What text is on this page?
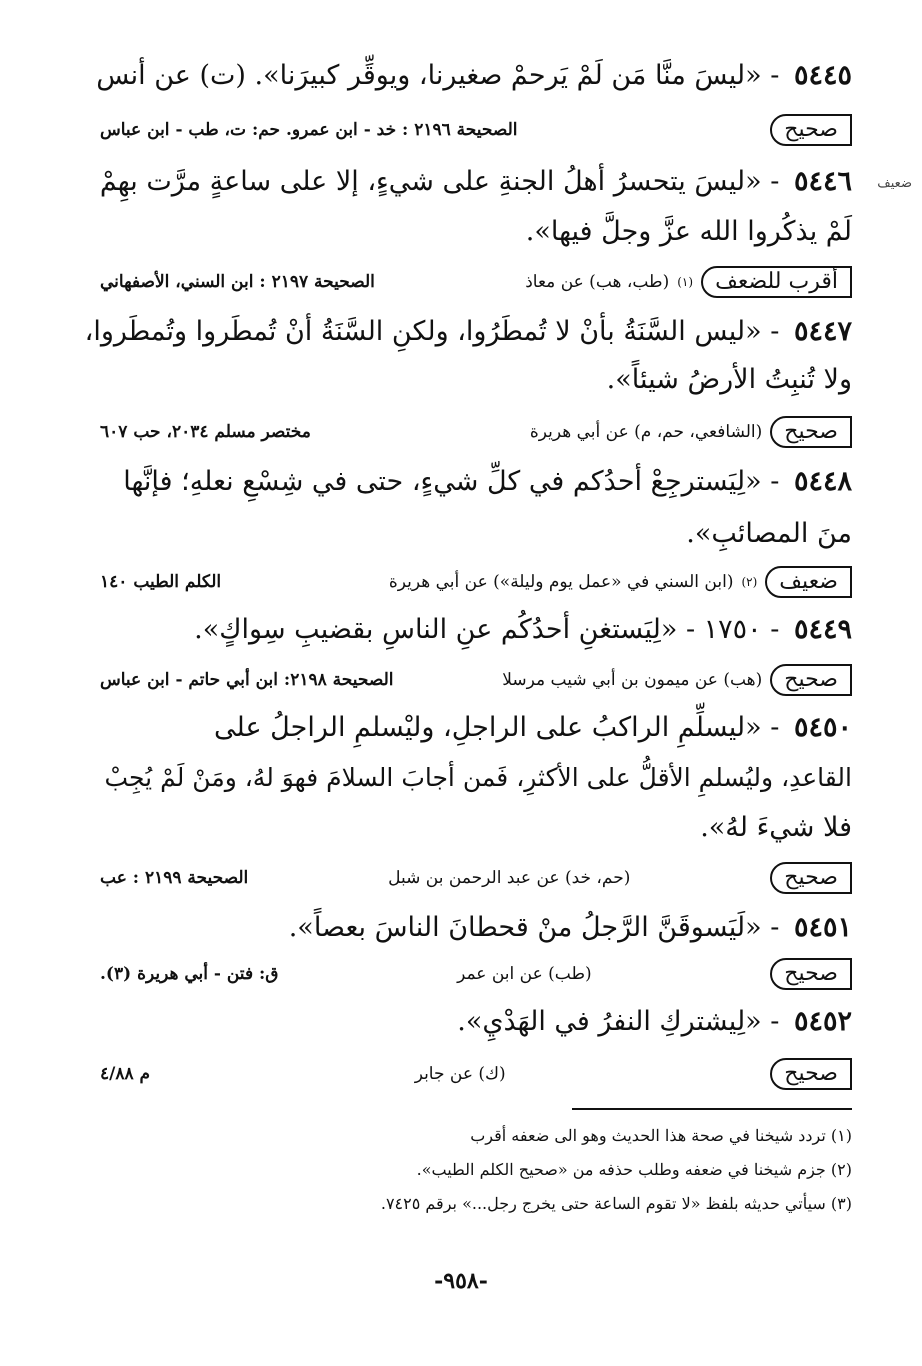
ضعيف
٥٤٤٥ - «ليسَ منَّا مَن لَمْ يَرحمْ صغيرنا، ويوقِّر كبيرَنا». (ت) عن أنس
صحيح
الصحيحة ٢١٩٦ : خد - ابن عمرو. حم: ت، طب - ابن عباس
٥٤٤٦ - «ليسَ يتحسرُ أهلُ الجنةِ على شيءٍ، إلا على ساعةٍ مرَّت بهِمْ
لَمْ يذكُروا الله عزَّ وجلَّ فيها».
أقرب للضعف
(١)
(طب، هب) عن معاذ
الصحيحة ٢١٩٧ : ابن السني، الأصفهاني
٥٤٤٧ - «ليس السَّنَةُ بأنْ لا تُمطَرُوا، ولكنِ السَّنَةُ أنْ تُمطَروا وتُمطَروا،
ولا تُنبِتُ الأرضُ شيئاً».
صحيح
(الشافعي، حم، م) عن أبي هريرة
مختصر مسلم ٢٠٣٤، حب ٦٠٧
٥٤٤٨ - «لِيَسترجِعْ أحدُكم في كلِّ شيءٍ، حتى في شِسْعِ نعلهِ؛ فإنَّها
منَ المصائبِ».
ضعيف
(٢)
(ابن السني في «عمل يوم وليلة») عن أبي هريرة
الكلم الطيب ١٤٠
٥٤٤٩ - ١٧٥٠ - «لِيَستغنِ أحدُكُم عنِ الناسِ بقضيبِ سِواكٍ».
صحيح
(هب) عن ميمون بن أبي شيب مرسلا
الصحيحة ٢١٩٨: ابن أبي حاتم - ابن عباس
٥٤٥٠ - «ليسلِّمِ الراكبُ على الراجلِ، وليْسلمِ الراجلُ على
القاعدِ، وليُسلمِ الأقلُّ على الأكثرِ، فَمن أجابَ السلامَ فهوَ لهُ، ومَنْ لَمْ يُجِبْ
فلا شيءَ لهُ».
صحيح
(حم، خد) عن عبد الرحمن بن شبل
الصحيحة ٢١٩٩ : عب
٥٤٥١ - «لَيَسوقَنَّ الرَّجلُ منْ قحطانَ الناسَ بعصاً».
صحيح
(طب) عن ابن عمر
ق: فتن - أبي هريرة (٣).
٥٤٥٢ - «لِيشتركِ النفرُ في الهَدْيِ».
صحيح
(ك) عن جابر
م ٤/٨٨
(١) تردد شيخنا في صحة هذا الحديث وهو الى ضعفه أقرب
(٢) جزم شيخنا في ضعفه وطلب حذفه من «صحيح الكلم الطيب».
(٣) سيأتي حديثه بلفظ «لا تقوم الساعة حتى يخرج رجل...» برقم ٧٤٢٥.
-٩٥٨-
